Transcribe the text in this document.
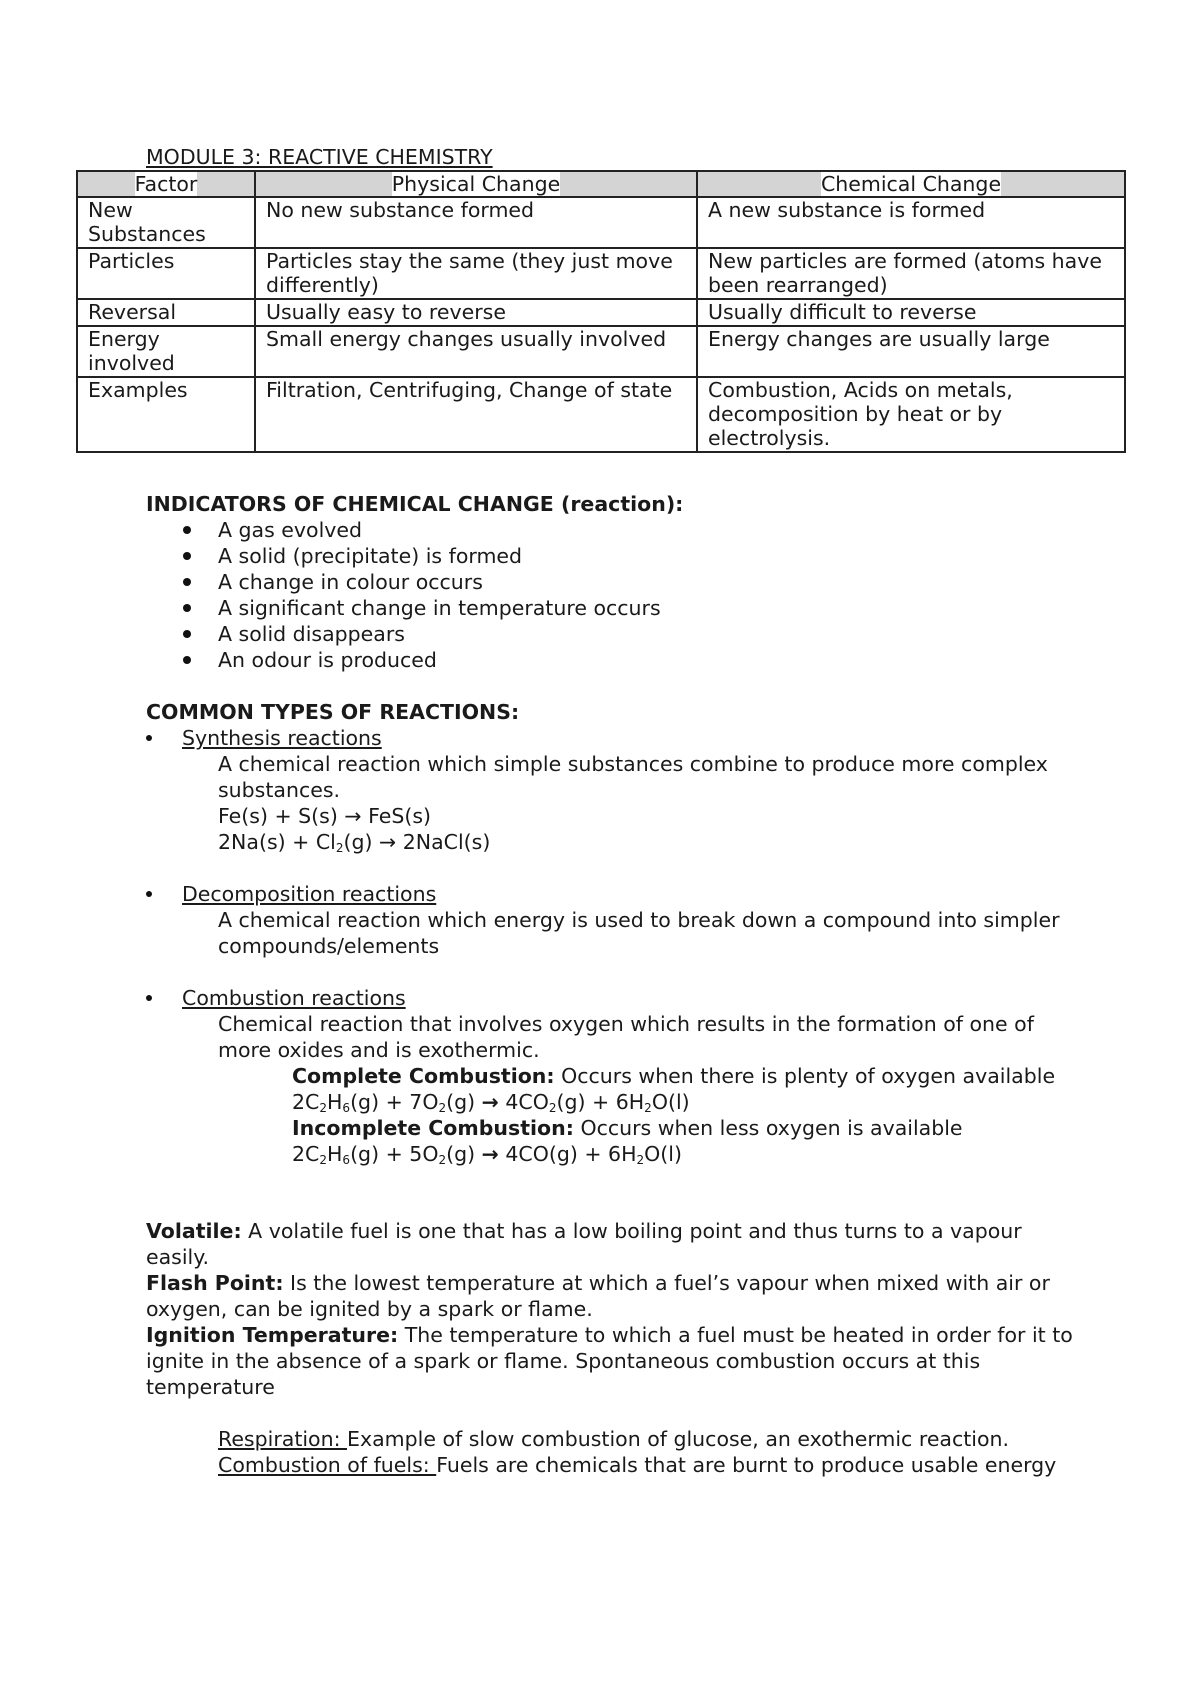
MODULE 3: REACTIVE CHEMISTRY
Factor	Physical Change	Chemical Change
New Substances	No new substance formed	A new substance is formed
Particles	Particles stay the same (they just move differently)	New particles are formed (atoms have been rearranged)
Reversal	Usually easy to reverse	Usually difficult to reverse
Energy involved	Small energy changes usually involved	Energy changes are usually large
Examples	Filtration, Centrifuging, Change of state	Combustion, Acids on metals, decomposition by heat or by electrolysis.
INDICATORS OF CHEMICAL CHANGE (reaction):
A gas evolved
A solid (precipitate) is formed
A change in colour occurs
A significant change in temperature occurs
A solid disappears
An odour is produced
COMMON TYPES OF REACTIONS:
Synthesis reactions
A chemical reaction which simple substances combine to produce more complex substances.
Fe(s) + S(s) → FeS(s)
$2Na(s) + Cl_2(g)$ → 2NaCl(s)
Decomposition reactions
A chemical reaction which energy is used to break down a compound into simpler compounds/elements
Combustion reactions
Chemical reaction that involves oxygen which results in the formation of one of more oxides and is exothermic.
Complete Combustion: Occurs when there is plenty of oxygen available
$2C_2H_6(g) + 7O_2(g) \to 4CO_2(g) + 6H_2O(l)$
Incomplete Combustion: Occurs when less oxygen is available
$2C_2H_6(g) + 5O_2(g) \to 4CO(g) + 6H_2O(l)$

Volatile: A volatile fuel is one that has a low boiling point and thus turns to a vapour easily.

Flash Point: Is the lowest temperature at which a fuel’s vapour when mixed with air or oxygen, can be ignited by a spark or flame.

Ignition Temperature: The temperature to which a fuel must be heated in order for it to ignite in the absence of a spark or flame. Spontaneous combustion occurs at this temperature

Respiration: Example of slow combustion of glucose, an exothermic reaction.

Combustion of fuels: Fuels are chemicals that are burnt to produce usable energy
